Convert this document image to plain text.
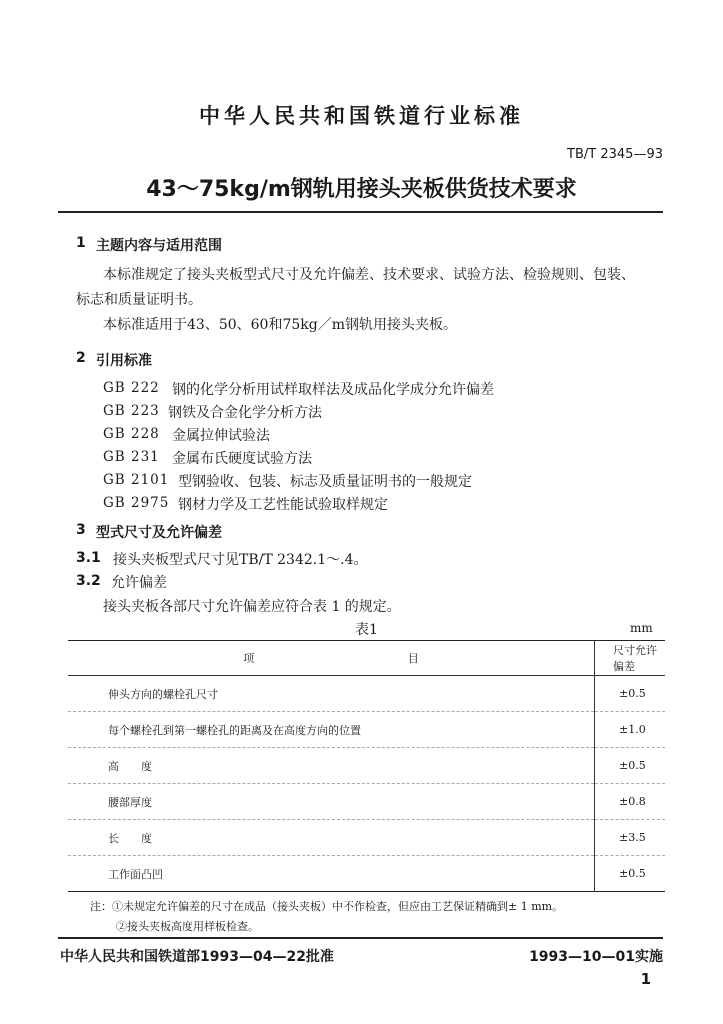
中华人民共和国铁道行业标准
TB/T 2345—93
43～75kg/m钢轨用接头夹板供货技术要求
1 主题内容与适用范围
本标准规定了接头夹板型式尺寸及允许偏差、技术要求、试验方法、检验规则、包装、
标志和质量证明书。
本标准适用于43、50、60和75kg／m钢轨用接头夹板。
2 引用标准
GB 222 钢的化学分析用试样取样法及成品化学成分允许偏差
GB 223 钢铁及合金化学分析方法
GB 228 金属拉伸试验法
GB 231 金属布氏硬度试验方法
GB 2101 型钢验收、包装、标志及质量证明书的一般规定
GB 2975 钢材力学及工艺性能试验取样规定
3 型式尺寸及允许偏差
3.1 接头夹板型式尺寸见TB/T 2342.1～.4。
3.2 允许偏差
接头夹板各部尺寸允许偏差应符合表 1 的规定。
表1	mm
项 目	尺寸允许偏差
伸头方向的螺栓孔尺寸	±0.5
每个螺栓孔到第一螺栓孔的距离及在高度方向的位置	±1.0
高　　度	±0.5
腰部厚度	±0.8
长　　度	±3.5
工作面凸凹	±0.5
注：①未规定允许偏差的尺寸在成品（接头夹板）中不作检查，但应由工艺保证精确到± 1 mm。
②接头夹板高度用样板检查。
中华人民共和国铁道部1993—04—22批准	1993—10—01实施
1
